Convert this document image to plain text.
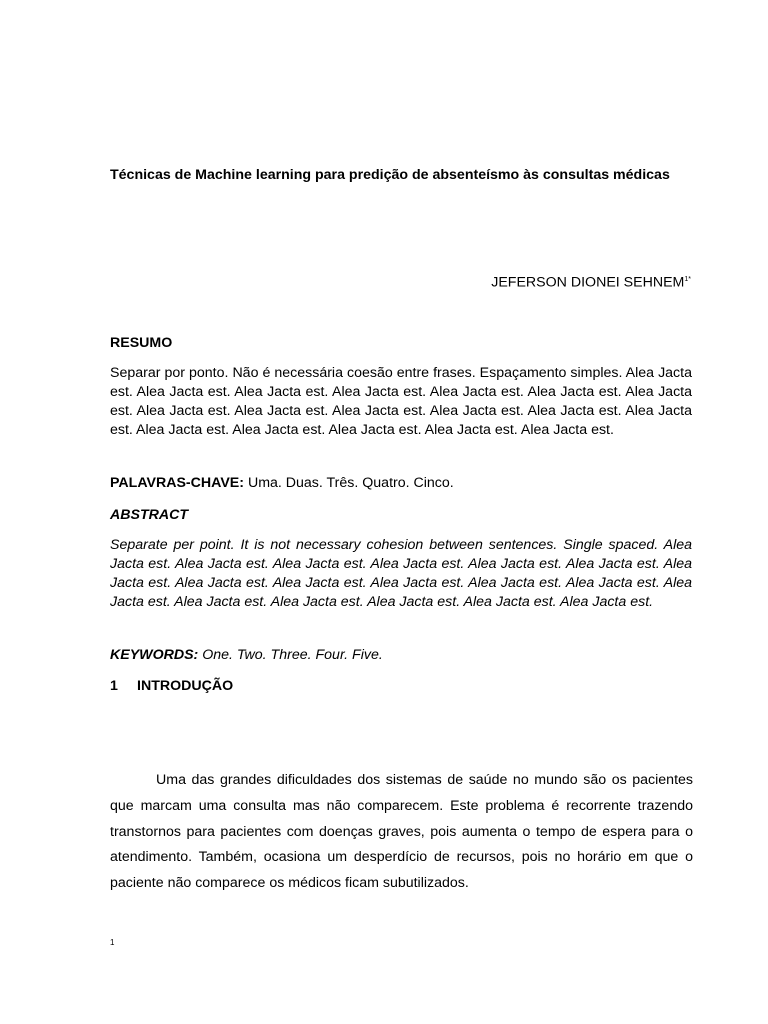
Técnicas de Machine learning para predição de absenteísmo às consultas médicas

JEFERSON DIONEI $SEHNEM^{1*}$

RESUMO

Separar por ponto. Não é necessária coesão entre frases. Espaçamento simples. Alea Jacta est. Alea Jacta est. Alea Jacta est. Alea Jacta est. Alea Jacta est. Alea Jacta est. Alea Jacta est. Alea Jacta est. Alea Jacta est. Alea Jacta est. Alea Jacta est. Alea Jacta est. Alea Jacta est. Alea Jacta est. Alea Jacta est. Alea Jacta est. Alea Jacta est. Alea Jacta est.

PALAVRAS-CHAVE: Uma. Duas. Três. Quatro. Cinco.

ABSTRACT

Separate per point. It is not necessary cohesion between sentences. Single spaced. Alea Jacta est. Alea Jacta est. Alea Jacta est. Alea Jacta est. Alea Jacta est. Alea Jacta est. Alea Jacta est. Alea Jacta est. Alea Jacta est. Alea Jacta est. Alea Jacta est. Alea Jacta est. Alea Jacta est. Alea Jacta est. Alea Jacta est. Alea Jacta est. Alea Jacta est. Alea Jacta est.

KEYWORDS: One. Two. Three. Four. Five.

1 INTRODUÇÃO

Uma das grandes dificuldades dos sistemas de saúde no mundo são os pacientes que marcam uma consulta mas não comparecem. Este problema é recorrente trazendo transtornos para pacientes com doenças graves, pois aumenta o tempo de espera para o atendimento. Também, ocasiona um desperdício de recursos, pois no horário em que o paciente não comparece os médicos ficam subutilizados.

1
